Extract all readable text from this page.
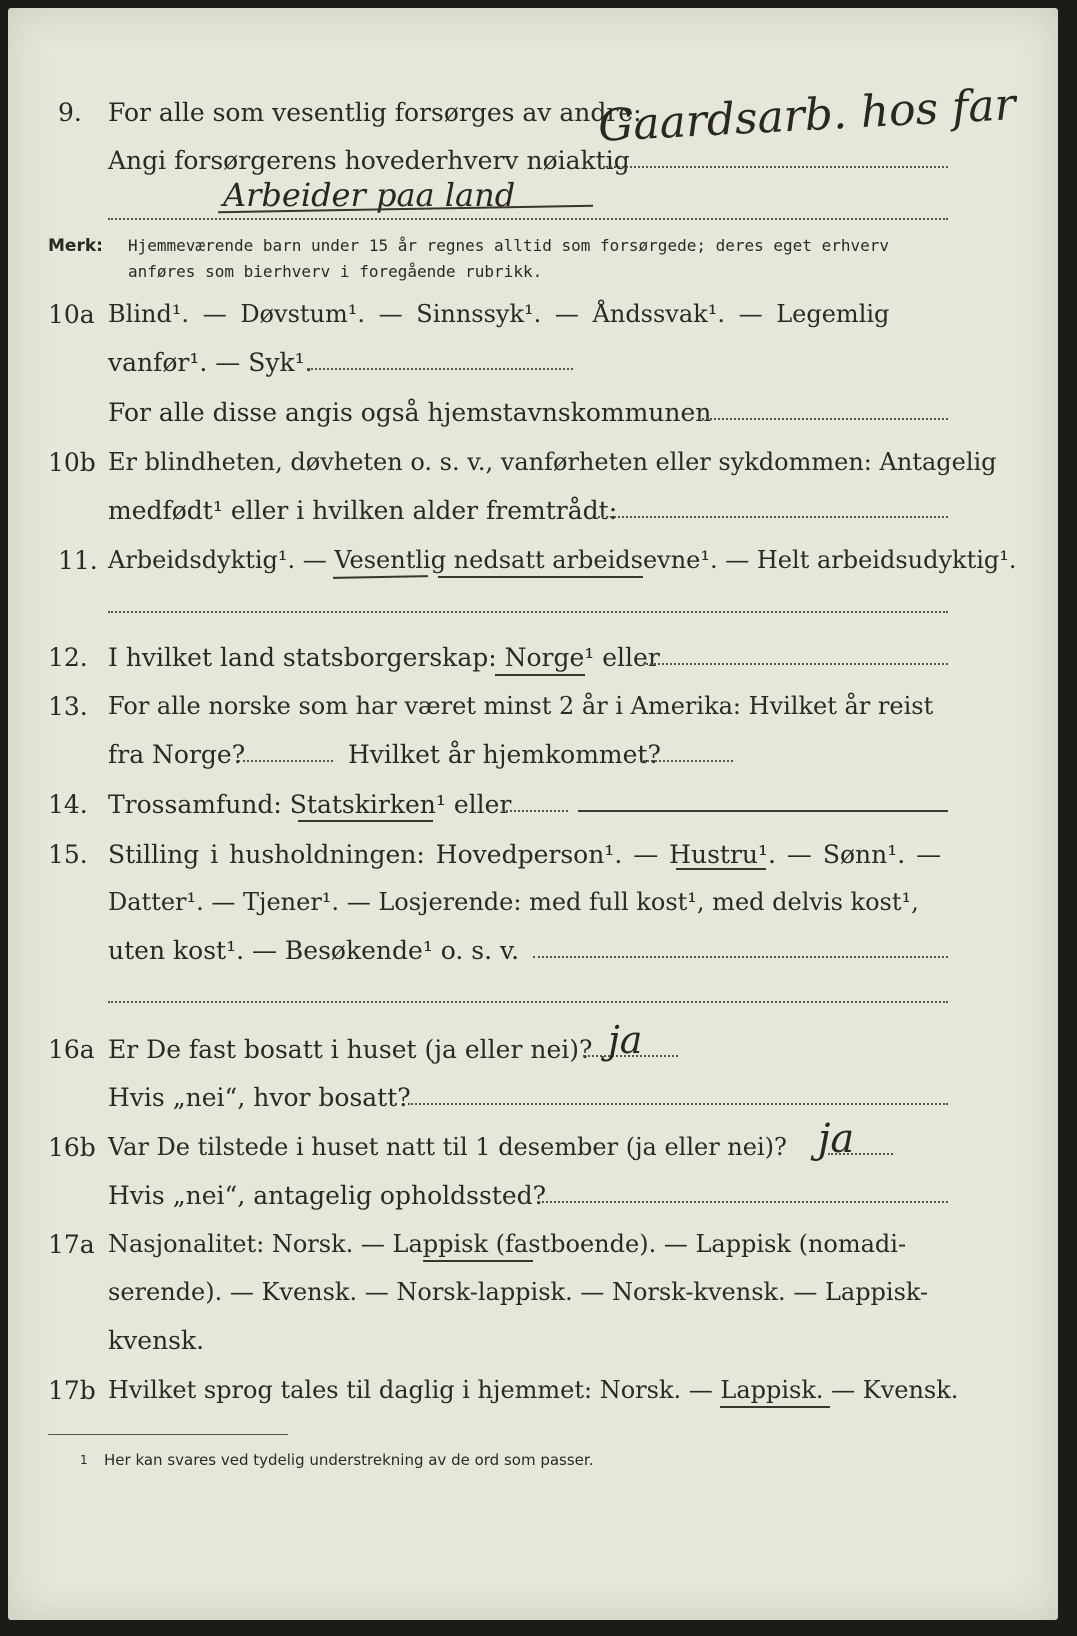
9. For alle som vesentlig forsørges av andre:
Angi forsørgerens hovederhverv nøiaktig
Gaardsarb. hos far
Arbeider paa land
Merk: Hjemmeværende barn under 15 år regnes alltid som forsørgede; deres eget erhverv
anføres som bierhverv i foregående rubrikk.
10a Blind¹. — Døvstum¹. — Sinnssyk¹. — Åndssvak¹. — Legemlig
vanfør¹. — Syk¹.
For alle disse angis også hjemstavnskommunen
10b Er blindheten, døvheten o. s. v., vanførheten eller sykdommen: Antagelig
medfødt¹ eller i hvilken alder fremtrådt:
11. Arbeidsdyktig¹. — Vesentlig nedsatt arbeidsevne¹. — Helt arbeidsudyktig¹.
12. I hvilket land statsborgerskap: Norge¹ eller
13. For alle norske som har været minst 2 år i Amerika: Hvilket år reist
fra Norge?	Hvilket år hjemkommet?
14. Trossamfund: Statskirken¹ eller
15. Stilling i husholdningen: Hovedperson¹. — Hustru¹. — Sønn¹. —
Datter¹. — Tjener¹. — Losjerende: med full kost¹, med delvis kost¹,
uten kost¹. — Besøkende¹ o. s. v.
16a Er De fast bosatt i huset (ja eller nei)? ja
Hvis „nei“, hvor bosatt?
16b Var De tilstede i huset natt til 1 desember (ja eller nei)? ja
Hvis „nei“, antagelig opholdssted?
17a Nasjonalitet: Norsk. — Lappisk (fastboende). — Lappisk (nomadi-
serende). — Kvensk. — Norsk-lappisk. — Norsk-kvensk. — Lappisk-
kvensk.
17b Hvilket sprog tales til daglig i hjemmet: Norsk. — Lappisk. — Kvensk.
1 Her kan svares ved tydelig understrekning av de ord som passer.
